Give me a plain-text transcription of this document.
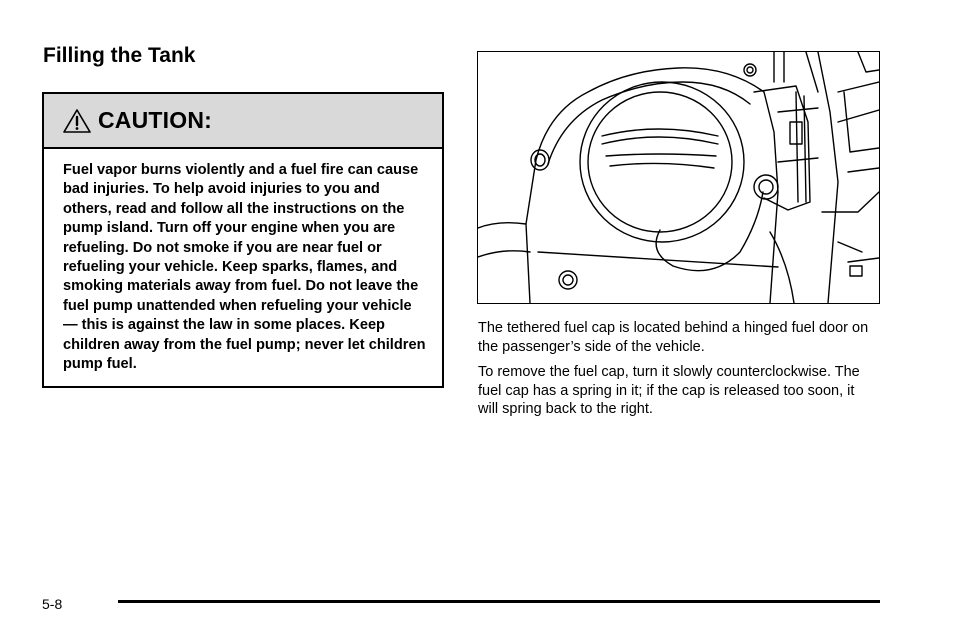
Filling the Tank
CAUTION:

Fuel vapor burns violently and a fuel fire can cause bad injuries. To help avoid injuries to you and others, read and follow all the instructions on the pump island. Turn off your engine when you are refueling. Do not smoke if you are near fuel or refueling your vehicle. Keep sparks, flames, and smoking materials away from fuel. Do not leave the fuel pump unattended when refueling your vehicle — this is against the law in some places. Keep children away from the fuel pump; never let children pump fuel.

The tethered fuel cap is located behind a hinged fuel door on the passenger’s side of the vehicle.

To remove the fuel cap, turn it slowly counterclockwise. The fuel cap has a spring in it; if the cap is released too soon, it will spring back to the right.

5-8
